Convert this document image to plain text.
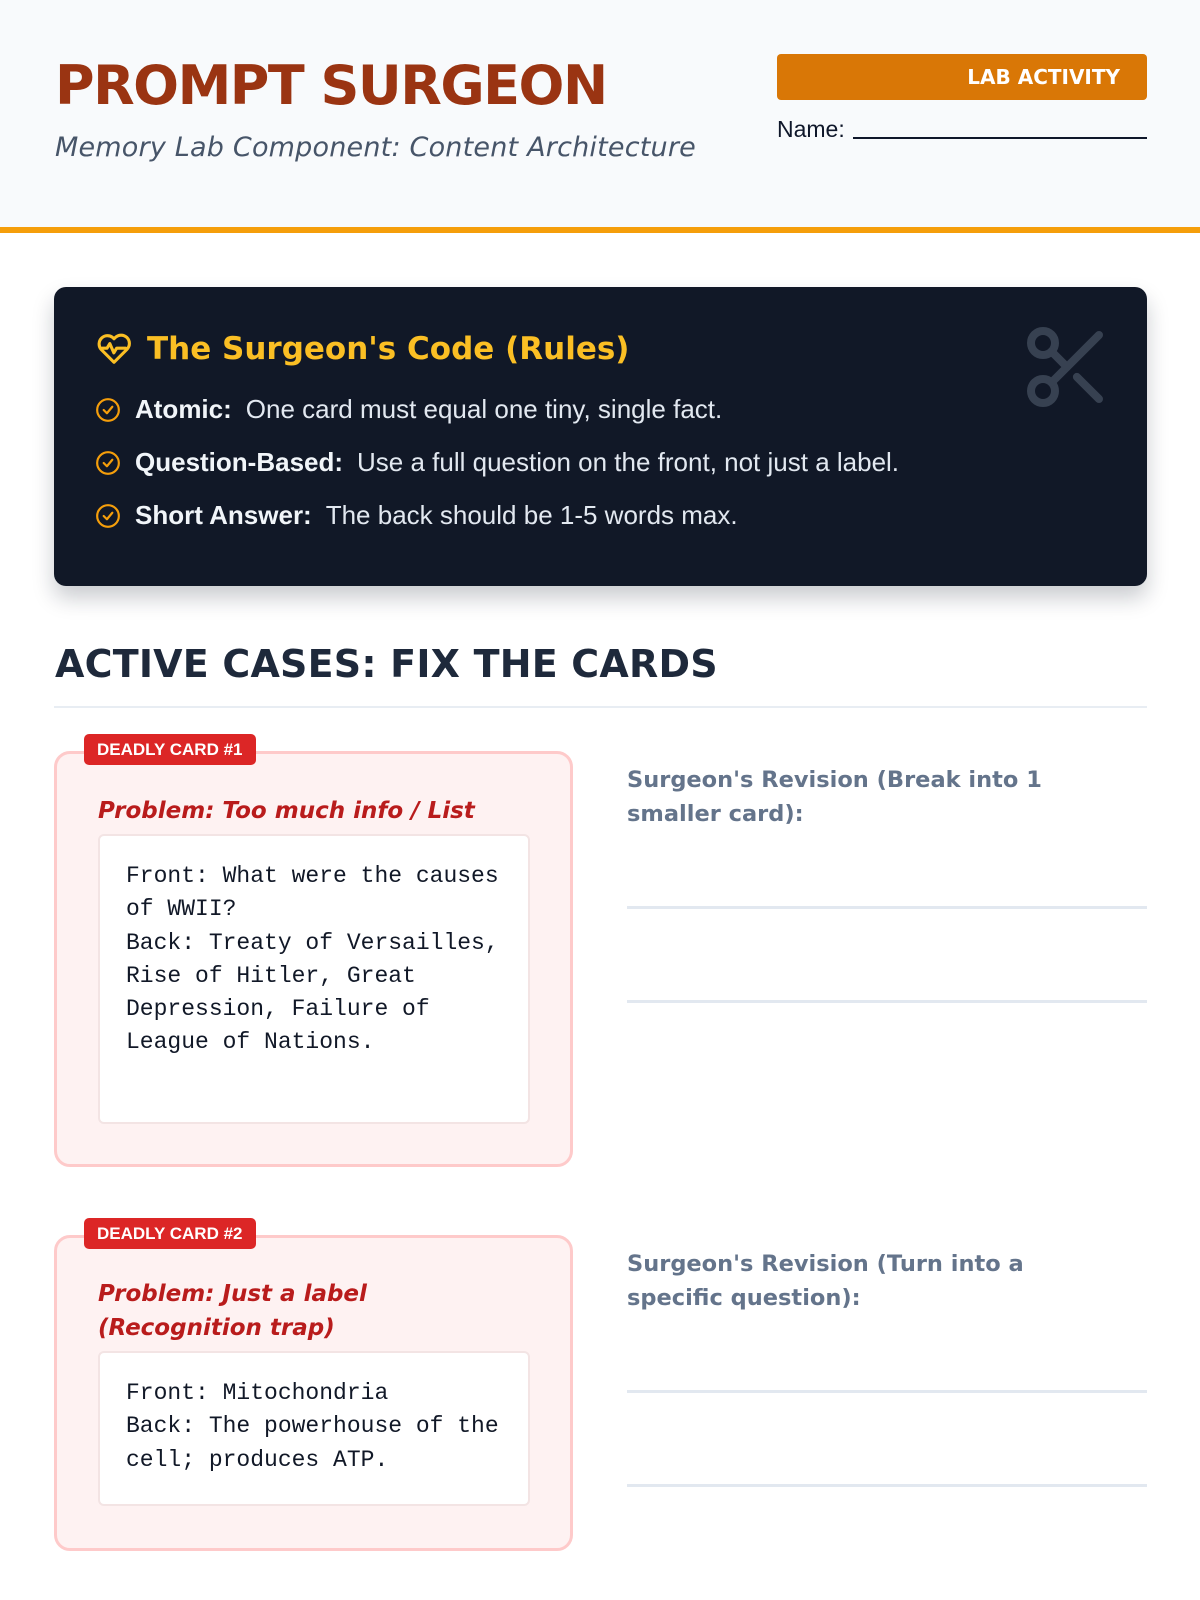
PROMPT SURGEON
Memory Lab Component: Content Architecture
LAB ACTIVITY
Name:
The Surgeon's Code (Rules)
Atomic: One card must equal one tiny, single fact.
Question-Based: Use a full question on the front, not just a label.
Short Answer: The back should be 1-5 words max.
ACTIVE CASES: FIX THE CARDS
DEADLY CARD #1
Problem: Too much info / List
Front: What were the causes of WWII?
Back: Treaty of Versailles, Rise of Hitler, Great Depression, Failure of League of Nations.
Surgeon's Revision (Break into 1 smaller card):
DEADLY CARD #2
Problem: Just a label (Recognition trap)
Front: Mitochondria
Back: The powerhouse of the cell; produces ATP.
Surgeon's Revision (Turn into a specific question):
